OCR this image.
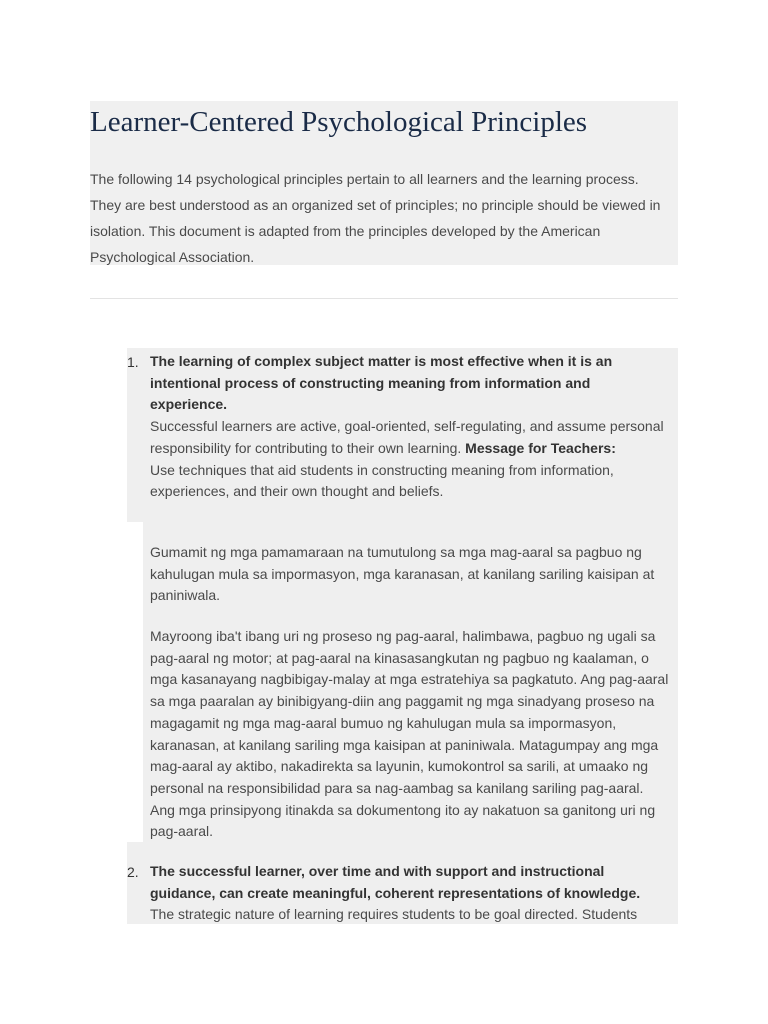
Learner-Centered Psychological Principles

The following 14 psychological principles pertain to all learners and the learning process. They are best understood as an organized set of principles; no principle should be viewed in isolation. This document is adapted from the principles developed by the American Psychological Association.

1. The learning of complex subject matter is most effective when it is an intentional process of constructing meaning from information and experience.
Successful learners are active, goal-oriented, self-regulating, and assume personal responsibility for contributing to their own learning. Message for Teachers:
Use techniques that aid students in constructing meaning from information, experiences, and their own thought and beliefs.

Gumamit ng mga pamamaraan na tumutulong sa mga mag-aaral sa pagbuo ng kahulugan mula sa impormasyon, mga karanasan, at kanilang sariling kaisipan at paniniwala.

Mayroong iba't ibang uri ng proseso ng pag-aaral, halimbawa, pagbuo ng ugali sa pag-aaral ng motor; at pag-aaral na kinasasangkutan ng pagbuo ng kaalaman, o mga kasanayang nagbibigay-malay at mga estratehiya sa pagkatuto. Ang pag-aaral sa mga paaralan ay binibigyang-diin ang paggamit ng mga sinadyang proseso na magagamit ng mga mag-aaral bumuo ng kahulugan mula sa impormasyon, karanasan, at kanilang sariling mga kaisipan at paniniwala. Matagumpay ang mga mag-aaral ay aktibo, nakadirekta sa layunin, kumokontrol sa sarili, at umaako ng personal na responsibilidad para sa nag-aambag sa kanilang sariling pag-aaral. Ang mga prinsipyong itinakda sa dokumentong ito ay nakatuon sa ganitong uri ng pag-aaral.

2. The successful learner, over time and with support and instructional guidance, can create meaningful, coherent representations of knowledge.
The strategic nature of learning requires students to be goal directed. Students
